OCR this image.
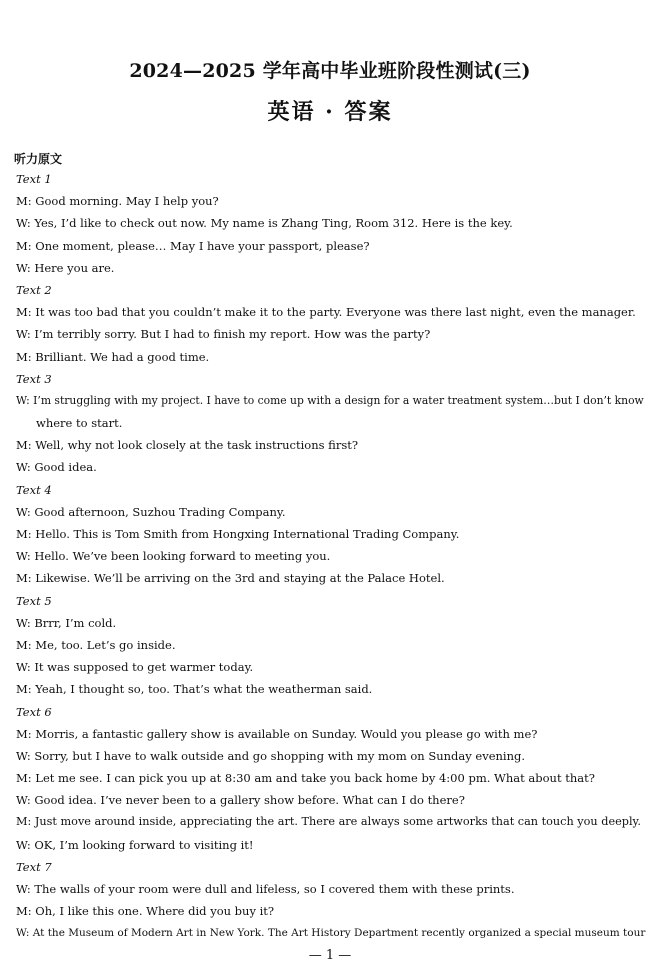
2024—2025 学年高中毕业班阶段性测试(三)
英语 · 答案
听力原文
Text 1
M: Good morning. May I help you?
W: Yes, I’d like to check out now. My name is Zhang Ting, Room 312. Here is the key.
M: One moment, please… May I have your passport, please?
W: Here you are.
Text 2
M: It was too bad that you couldn’t make it to the party. Everyone was there last night, even the manager.
W: I’m terribly sorry. But I had to finish my report. How was the party?
M: Brilliant. We had a good time.
Text 3
W: I’m struggling with my project. I have to come up with a design for a water treatment system…but I don’t know
where to start.
M: Well, why not look closely at the task instructions first?
W: Good idea.
Text 4
W: Good afternoon, Suzhou Trading Company.
M: Hello. This is Tom Smith from Hongxing International Trading Company.
W: Hello. We’ve been looking forward to meeting you.
M: Likewise. We’ll be arriving on the 3rd and staying at the Palace Hotel.
Text 5
W: Brrr, I’m cold.
M: Me, too. Let’s go inside.
W: It was supposed to get warmer today.
M: Yeah, I thought so, too. That’s what the weatherman said.
Text 6
M: Morris, a fantastic gallery show is available on Sunday. Would you please go with me?
W: Sorry, but I have to walk outside and go shopping with my mom on Sunday evening.
M: Let me see. I can pick you up at 8:30 am and take you back home by 4:00 pm. What about that?
W: Good idea. I’ve never been to a gallery show before. What can I do there?
M: Just move around inside, appreciating the art. There are always some artworks that can touch you deeply.
W: OK, I’m looking forward to visiting it!
Text 7
W: The walls of your room were dull and lifeless, so I covered them with these prints.
M: Oh, I like this one. Where did you buy it?
W: At the Museum of Modern Art in New York. The Art History Department recently organized a special museum tour
— 1 —
